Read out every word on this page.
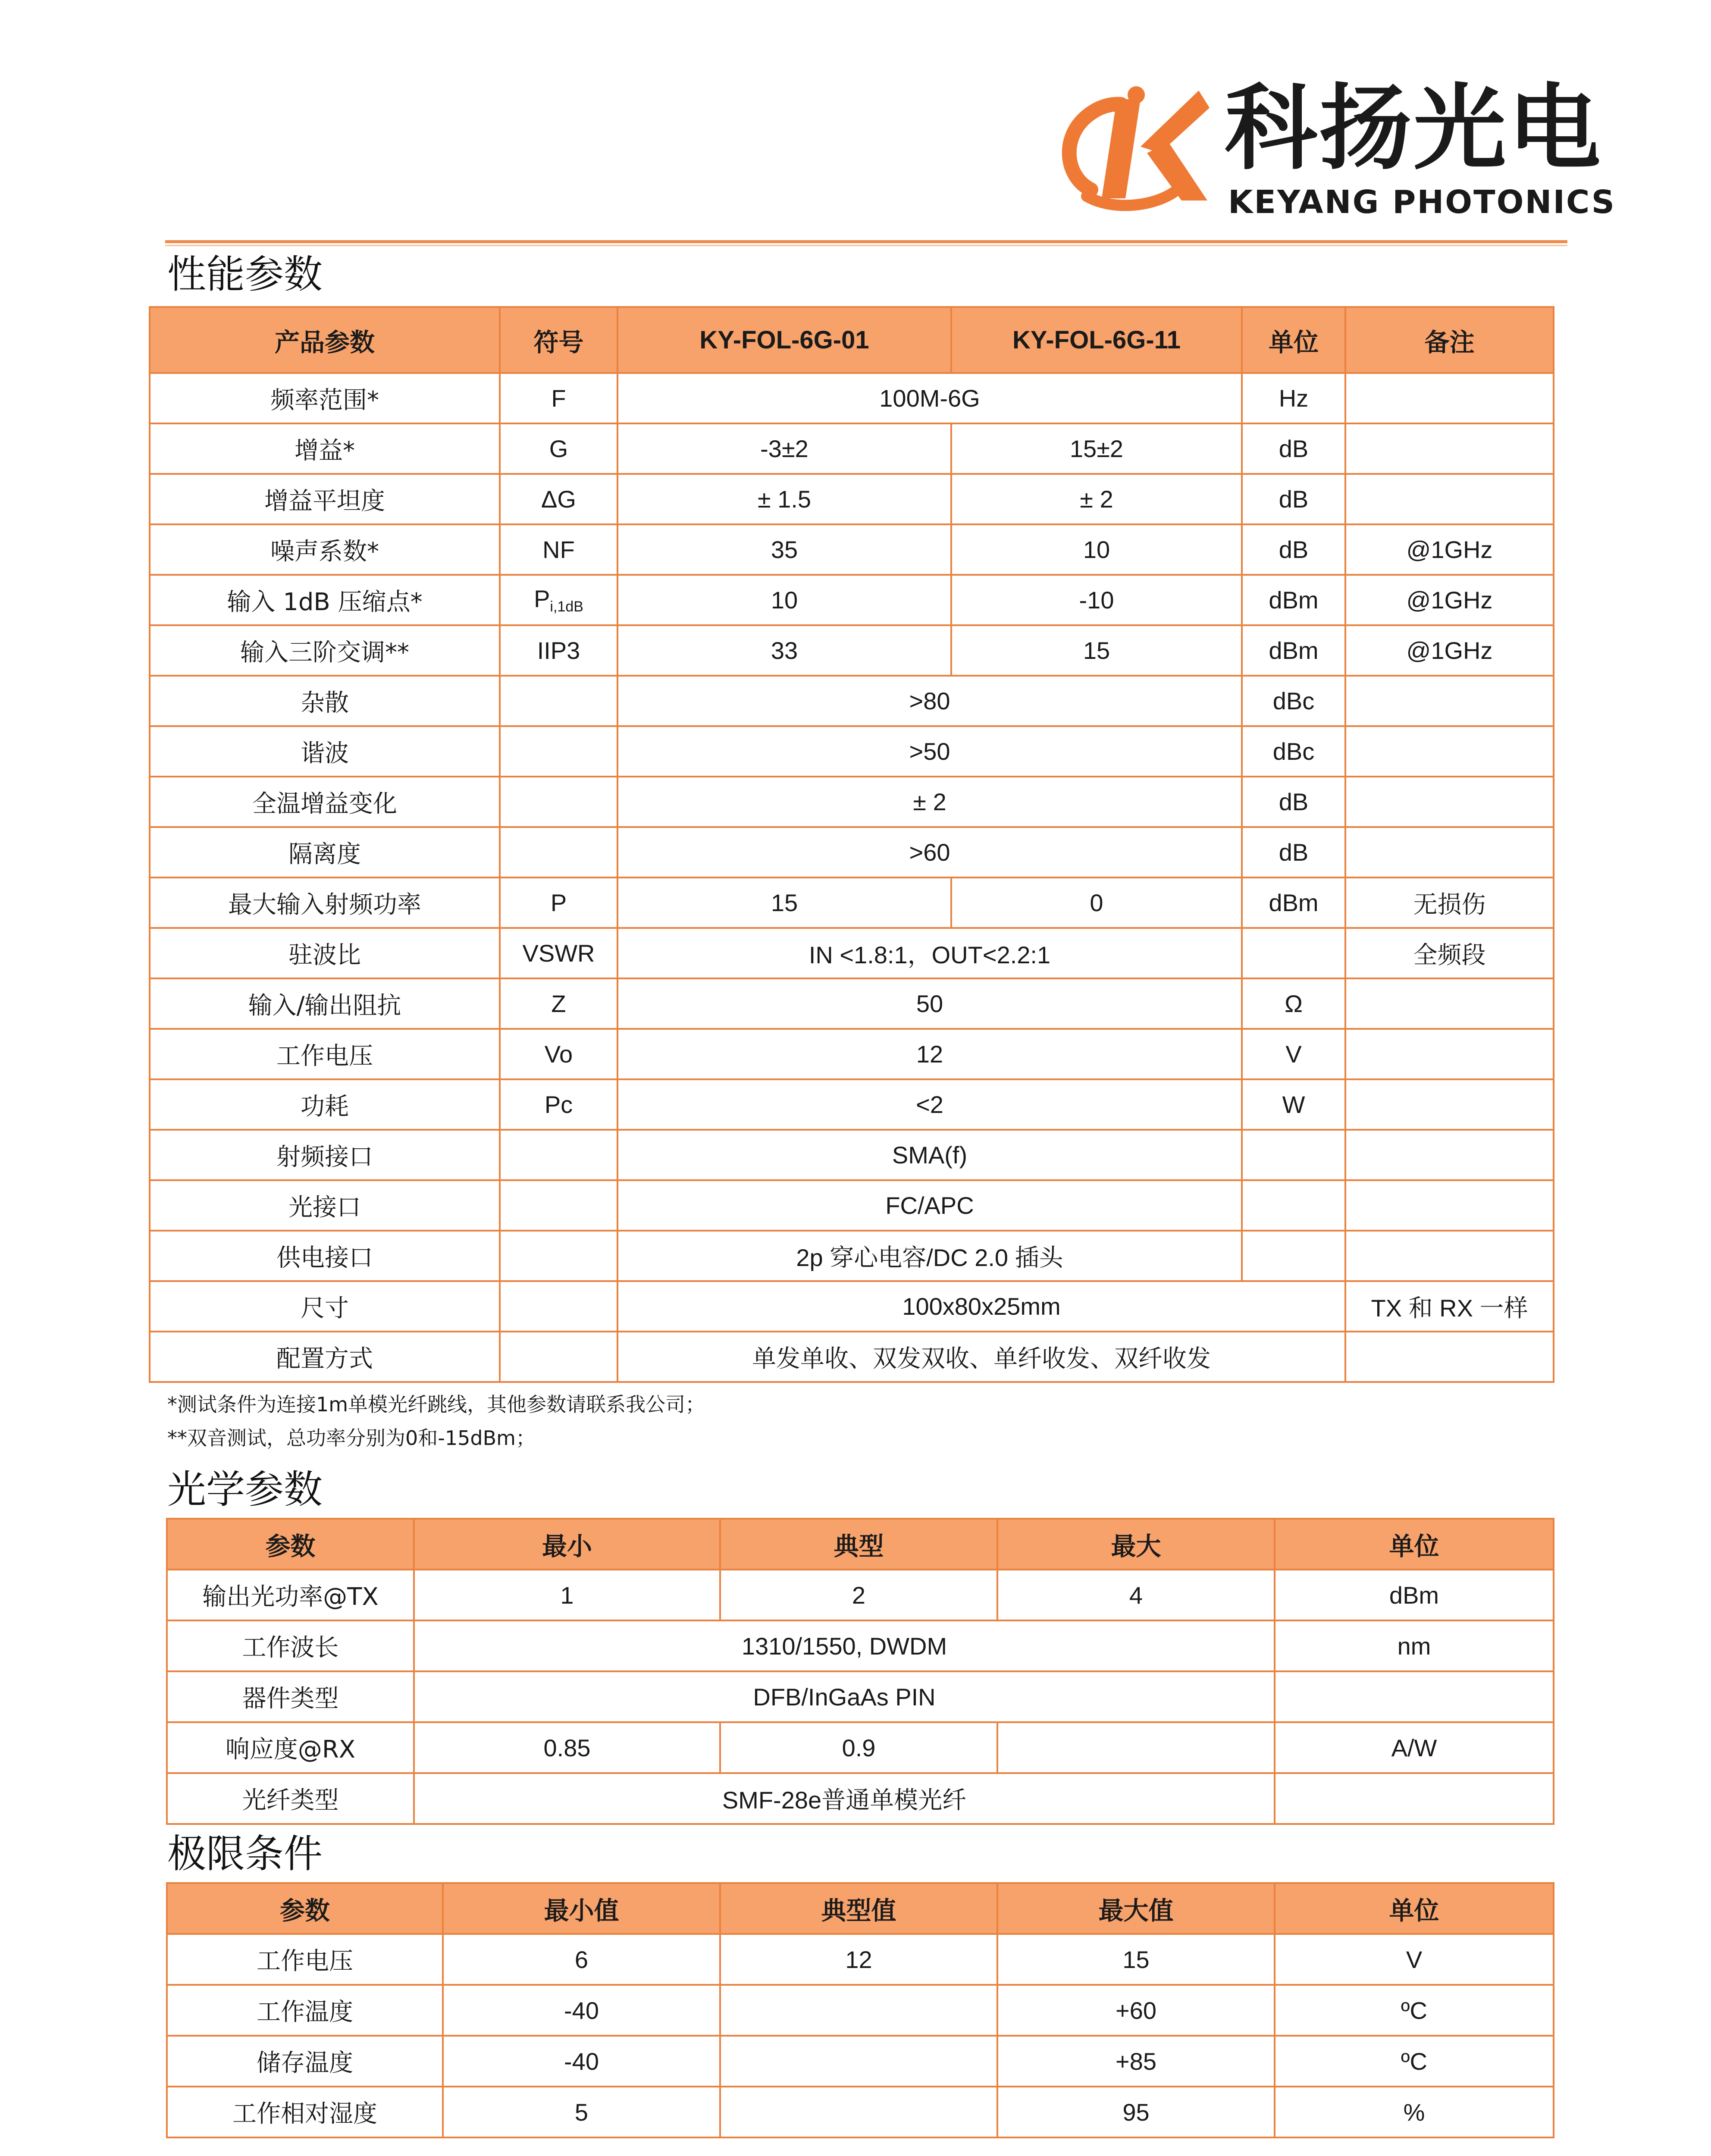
科扬光电
KEYANG PHOTONICS
性能参数
产品参数	符号	KY-FOL-6G-01	KY-FOL-6G-11	单位	备注
频率范围*	F	100M-6G		Hz	
增益*	G	-3±2	15±2	dB	
增益平坦度	ΔG	± 1.5	± 2	dB	
噪声系数*	NF	35	10	dB	@1GHz
输入 1dB 压缩点*	$P_{i,1dB}$	10	-10	dBm	@1GHz
输入三阶交调**	IIP3	33	15	dBm	@1GHz
杂散		>80		dBc	
谐波		>50		dBc	
全温增益变化		± 2		dB	
隔离度		>60		dB	
最大输入射频功率	P	15	0	dBm	无损伤
驻波比	VSWR	IN <1.8:1，OUT<2.2:1			全频段
输入/输出阻抗	Z	50		Ω	
工作电压	Vo	12		V	
功耗	Pc	<2		W	
射频接口		SMA(f)			
光接口		FC/APC			
供电接口		2p 穿心电容/DC 2.0 插头			
尺寸		100x80x25mm			TX 和 RX 一样
配置方式		单发单收、双发双收、单纤收发、双纤收发			
*测试条件为连接1m单模光纤跳线，其他参数请联系我公司；
**双音测试，总功率分别为0和-15dBm；
光学参数
参数	最小	典型	最大	单位
输出光功率@TX	1	2	4	dBm
工作波长	1310/1550, DWDM			nm
器件类型	DFB/InGaAs PIN			
响应度@RX	0.85	0.9		A/W
光纤类型	SMF-28e普通单模光纤			
极限条件
参数	最小值	典型值	最大值	单位
工作电压	6	12	15	V
工作温度	-40		+60	ºC
储存温度	-40		+85	ºC
工作相对湿度	5		95	%
